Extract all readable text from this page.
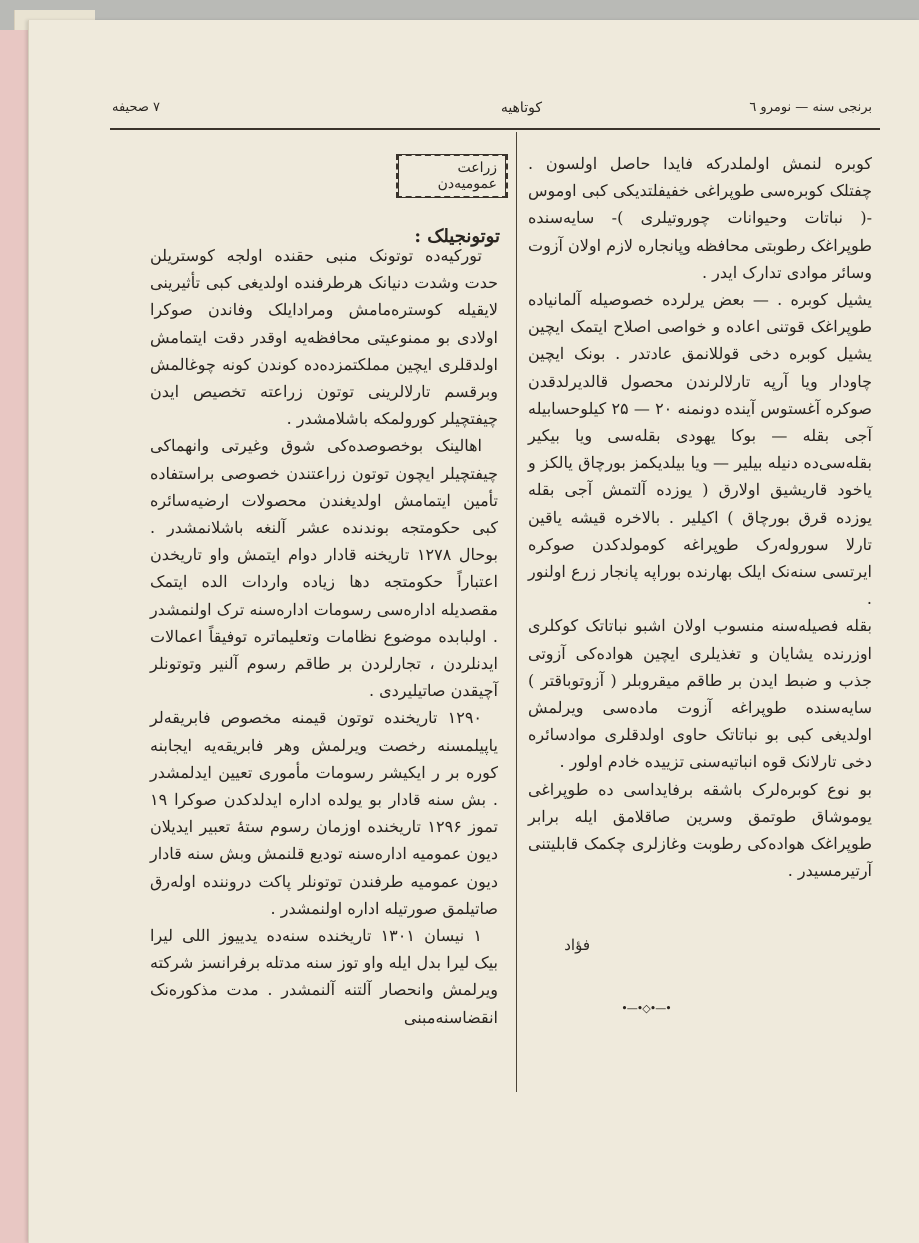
برنجی سنه — نومرو ٦
کوتاهیه
٧ صحیفه

کوبره لنمش اولملدرکه فایدا حاصل اولسون . چفتلک کوبره‌سی طوپراغی خفیفلتدیکی کبی اوموس -( نباتات وحیوانات چوروتیلری )- سایه‌سنده طوپراغک رطوبتی محافظه وپانجاره لازم اولان آزوت وسائر موادی تدارک ایدر .

یشیل کوبره . — بعض یرلرده خصوصیله آلمانیاده طوپراغک قوتنی اعاده و خواصی اصلاح ایتمک ایچین یشیل کوبره دخی قوللانمق عادتدر . بونک ایچین چاودار ویا آرپه تارلالرندن محصول قالدیرلدقدن صوکره آغستوس آینده دونمنه ۲۰ — ۲۵ کیلوحسابیله آجی بقله — بوکا یهودی بقله‌سی ویا بیکیر بقله‌سی‌ده دنیله بیلیر — ویا بیلدیکمز بورچاق یالکز و یاخود قاریشیق اولارق ( یوزده آلتمش آجی بقله یوزده قرق بورچاق ) اکیلیر . بالاخره قیشه یاقین تارلا سوروله‌رک طوپراغه کومولدکدن صوکره ایرتسی سنه‌نک ایلک بهارنده بوراپه پانجار زرع اولنور .

بقله فصیله‌سنه منسوب اولان اشبو نباتاتک کوکلری اوزرنده یشایان و تغذیلری ایچین هواده‌کی آزوتی جذب و ضبط ایدن بر طاقم میقروبلر ( آزوتوباقتر ) سایه‌سنده طوپراغه آزوت ماده‌سی ویرلمش اولدیغی کبی بو نباتاتک حاوی اولدقلری موادسائره دخی تارلانک قوه انباتیه‌سنی تزییده خادم اولور .

بو نوع کوبره‌لرک باشقه برفایداسی ده طوپراغی یوموشاق طوتمق وسرین صاقلامق ایله برابر طوپراغک هواده‌کی رطوبت وغازلری چکمک قابلیتنی آرتیرمسیدر .

فؤاد
•—•◇•—•
زراعت عمومیه‌دن
توتونجیلک :

تورکیه‌ده توتونک منبی حقنده اولجه کوستریلن حدت وشدت دنیانک هرطرفنده اولدیغی کبی تأثیرینی لایقیله کوستره‌مامش ومرادایلک وفاندن صوکرا اولادی بو ممنوعیتی محافظه‌یه اوقدر دقت ایتمامش اولدقلری ایچین مملکتمزده‌ده کوندن کونه چوغالمش وبرقسم تارلالرینی توتون زراعته تخصیص ایدن چیفتچیلر کورولمکه باشلامشدر .

اهالینک بوخصوصده‌کی شوق وغیرتی وانهماکی چیفتچیلر ایچون توتون زراعتندن خصوصی براستفاده تأمین ایتمامش اولدیغندن محصولات ارضیه‌سائره کبی حکومتجه بوندنده عشر آلنغه باشلانمشدر . بوحال ۱۲۷۸ تاریخنه قادار دوام ایتمش واو تاریخدن اعتباراً حکومتجه دها زیاده واردات الده ایتمک مقصدیله اداره‌سی رسومات اداره‌سنه ترک اولنمشدر . اولبابده موضوع نظامات وتعلیماتره توفیقاً اعمالات ایدنلردن ، تجارلردن بر طاقم رسوم آلنیر وتوتونلر آچیقدن صاتیلیردی .

۱۲۹۰ تاریخنده توتون قیمنه مخصوص فابریقه‌لر یاپیلمسنه رخصت ویرلمش وهر فابریقه‌یه ایجابنه کوره بر ر ایکیشر رسومات مأموری تعیین ایدلمشدر . بش سنه قادار بو یولده اداره ایدلدکدن صوکرا ۱۹ تموز ۱۲۹۶ تاریخنده اوزمان رسوم ستهٔ تعبیر ایدیلان دیون عمومیه اداره‌سنه تودیع قلنمش وبش سنه قادار دیون عمومیه طرفندن توتونلر پاکت دروننده اوله‌رق صاتیلمق صورتیله اداره اولنمشدر .

۱ نیسان ۱۳۰۱ تاریخنده سنه‌ده یدییوز اللی لیرا بیک لیرا بدل ایله واو توز سنه مدتله برفرانسز شرکته ویرلمش وانحصار آلتنه آلنمشدر . مدت مذکوره‌نک انقضاسنه‌مبنی
